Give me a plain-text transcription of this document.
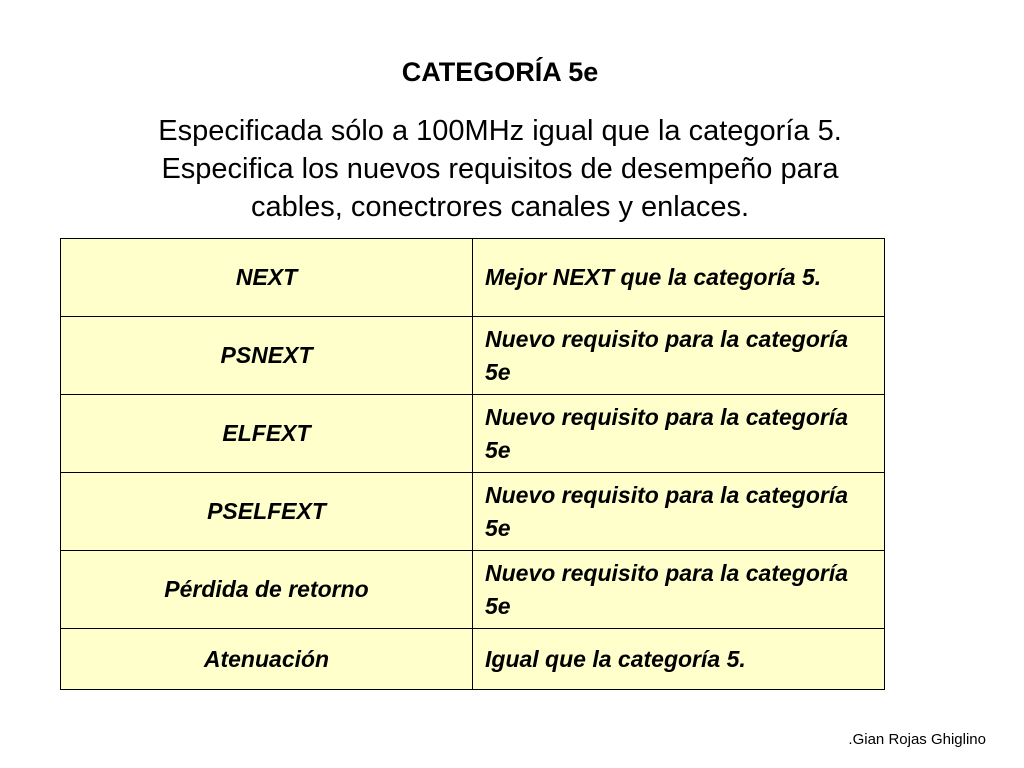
CATEGORÍA 5e
Especificada sólo a 100MHz igual que la categoría 5.
Especifica los nuevos requisitos de desempeño para
cables, conectrores canales y enlaces.
NEXT	Mejor NEXT que la categoría 5.
PSNEXT	Nuevo requisito para la categoría 5e
ELFEXT	Nuevo requisito para la categoría 5e
PSELFEXT	Nuevo requisito para la categoría 5e
Pérdida de retorno	Nuevo requisito para la categoría 5e
Atenuación	Igual que la categoría 5.
.Gian Rojas Ghiglino
